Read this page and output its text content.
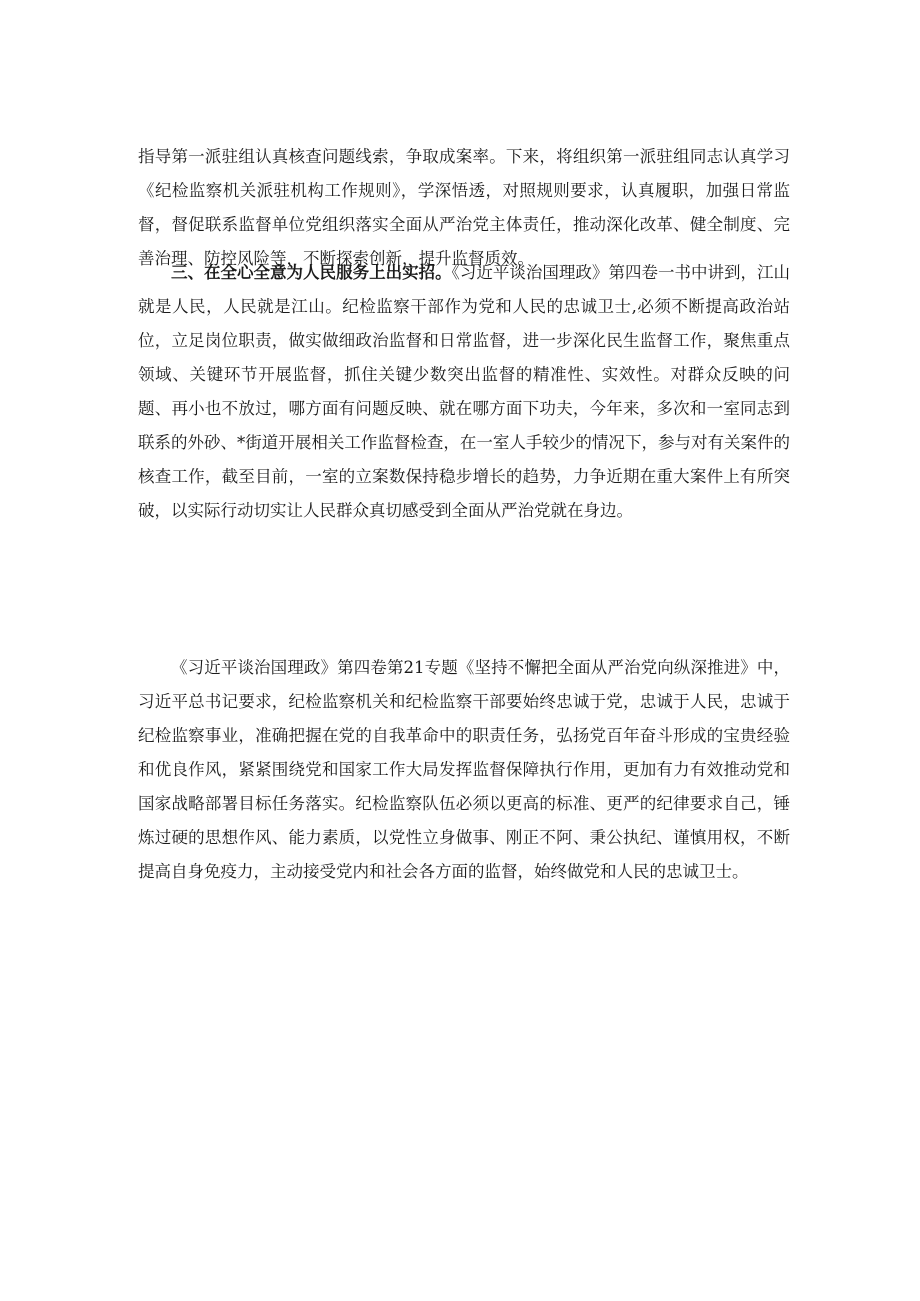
指导第一派驻组认真核查问题线索，争取成案率。下来，将组织第一派驻组同志认真学习《纪检监察机关派驻机构工作规则》，学深悟透，对照规则要求，认真履职，加强日常监督，督促联系监督单位党组织落实全面从严治党主体责任，推动深化改革、健全制度、完善治理、防控风险等，不断探索创新，提升监督质效。

三、在全心全意为人民服务上出实招。《习近平谈治国理政》第四卷一书中讲到，江山就是人民，人民就是江山。纪检监察干部作为党和人民的忠诚卫士,必须不断提高政治站位，立足岗位职责，做实做细政治监督和日常监督，进一步深化民生监督工作，聚焦重点领域、关键环节开展监督，抓住关键少数突出监督的精准性、实效性。对群众反映的问题、再小也不放过，哪方面有问题反映、就在哪方面下功夫，今年来，多次和一室同志到联系的外砂、*街道开展相关工作监督检查，在一室人手较少的情况下，参与对有关案件的核查工作，截至目前，一室的立案数保持稳步增长的趋势，力争近期在重大案件上有所突破，以实际行动切实让人民群众真切感受到全面从严治党就在身边。

《习近平谈治国理政》第四卷第21专题《坚持不懈把全面从严治党向纵深推进》中，习近平总书记要求，纪检监察机关和纪检监察干部要始终忠诚于党，忠诚于人民，忠诚于纪检监察事业，准确把握在党的自我革命中的职责任务，弘扬党百年奋斗形成的宝贵经验和优良作风，紧紧围绕党和国家工作大局发挥监督保障执行作用，更加有力有效推动党和国家战略部署目标任务落实。纪检监察队伍必须以更高的标准、更严的纪律要求自己，锤炼过硬的思想作风、能力素质，以党性立身做事、刚正不阿、秉公执纪、谨慎用权，不断提高自身免疫力，主动接受党内和社会各方面的监督，始终做党和人民的忠诚卫士。
